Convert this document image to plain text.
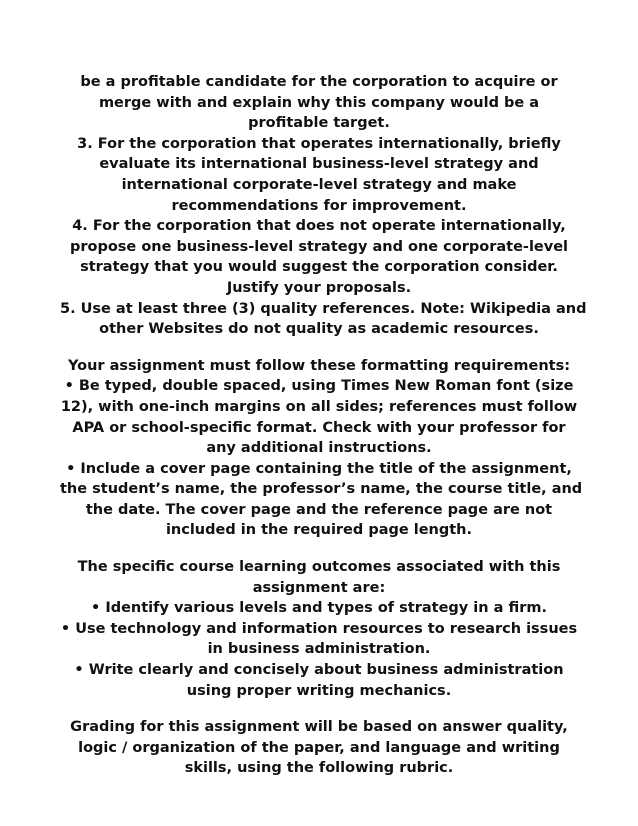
be a profitable candidate for the corporation to acquire or
merge with and explain why this company would be a
profitable target.
3. For the corporation that operates internationally, briefly
evaluate its international business-level strategy and
international corporate-level strategy and make
recommendations for improvement.
4. For the corporation that does not operate internationally,
propose one business-level strategy and one corporate-level
strategy that you would suggest the corporation consider.
Justify your proposals.
5. Use at least three (3) quality references. Note: Wikipedia and
other Websites do not quality as academic resources.

Your assignment must follow these formatting requirements:
• Be typed, double spaced, using Times New Roman font (size
12), with one-inch margins on all sides; references must follow
APA or school-specific format. Check with your professor for
any additional instructions.
• Include a cover page containing the title of the assignment,
the student’s name, the professor’s name, the course title, and
the date. The cover page and the reference page are not
included in the required page length.

The specific course learning outcomes associated with this
assignment are:
• Identify various levels and types of strategy in a firm.
• Use technology and information resources to research issues
in business administration.
• Write clearly and concisely about business administration
using proper writing mechanics.

Grading for this assignment will be based on answer quality,
logic / organization of the paper, and language and writing
skills, using the following rubric.
